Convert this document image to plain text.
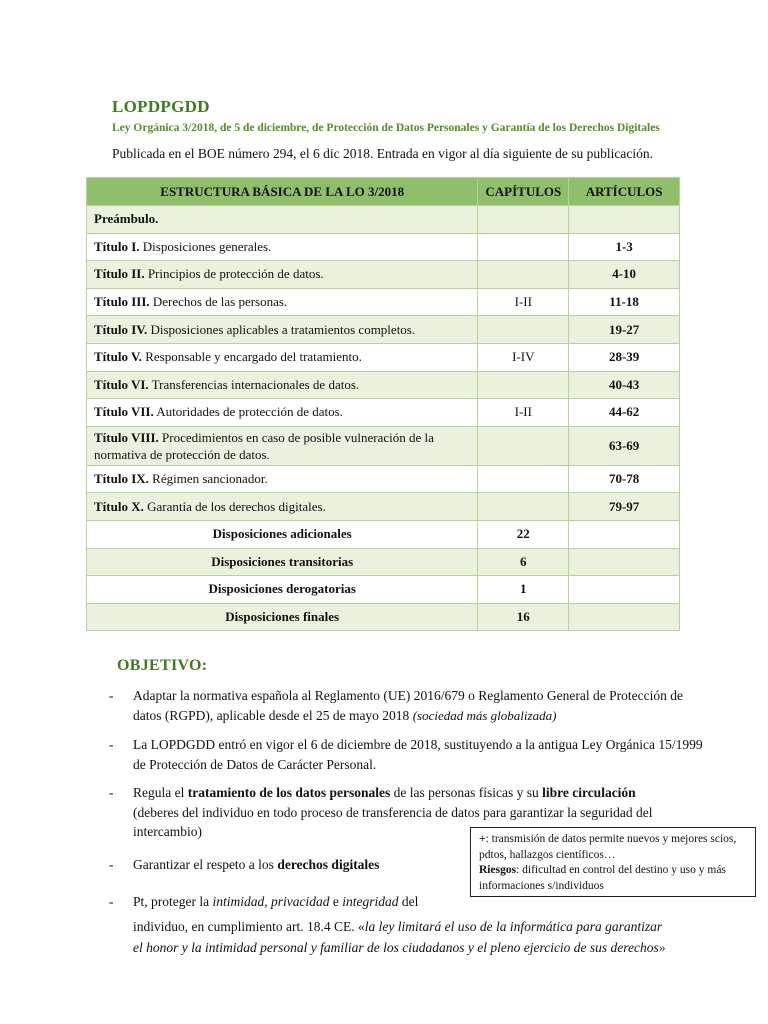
LOPDPGDD

Ley Orgánica 3/2018, de 5 de diciembre, de Protección de Datos Personales y Garantía de los Derechos Digitales

Publicada en el BOE número 294, el 6 dic 2018. Entrada en vigor al día siguiente de su publicación.

ESTRUCTURA BÁSICA DE LA LO 3/2018	CAPÍTULOS	ARTÍCULOS
Preámbulo.		
Título I. Disposiciones generales.		1-3
Título II. Principios de protección de datos.		4-10
Título III. Derechos de las personas.	I-II	11-18
Título IV. Disposiciones aplicables a tratamientos completos.		19-27
Título V. Responsable y encargado del tratamiento.	I-IV	28-39
Título VI. Transferencias internacionales de datos.		40-43
Título VII. Autoridades de protección de datos.	I-II	44-62
Título VIII. Procedimientos en caso de posible vulneración de la normativa de protección de datos.		63-69
Título IX. Régimen sancionador.		70-78
Título X. Garantía de los derechos digitales.		79-97
Disposiciones adicionales	22	
Disposiciones transitorias	6	
Disposiciones derogatorias	1	
Disposiciones finales	16	
OBJETIVO:
- Adaptar la normativa española al Reglamento (UE) 2016/679 o Reglamento General de Protección de datos (RGPD), aplicable desde el 25 de mayo 2018 (sociedad más globalizada)
- La LOPDGDD entró en vigor el 6 de diciembre de 2018, sustituyendo a la antigua Ley Orgánica 15/1999 de Protección de Datos de Carácter Personal.
- Regula el tratamiento de los datos personales de las personas físicas y su libre circulación
(deberes del individuo en todo proceso de transferencia de datos para garantizar la seguridad del intercambio)	+: transmisión de datos permite nuevos y mejores scios, pdtos, hallazgos científicos…
Riesgos: dificultad en control del destino y uso y más informaciones s/individuos
- Garantizar el respeto a los derechos digitales
- Pt, proteger la intimidad, privacidad e integridad del
individuo, en cumplimiento art. 18.4 CE. «la ley limitará el uso de la informática para garantizar
el honor y la intimidad personal y familiar de los ciudadanos y el pleno ejercicio de sus derechos»
